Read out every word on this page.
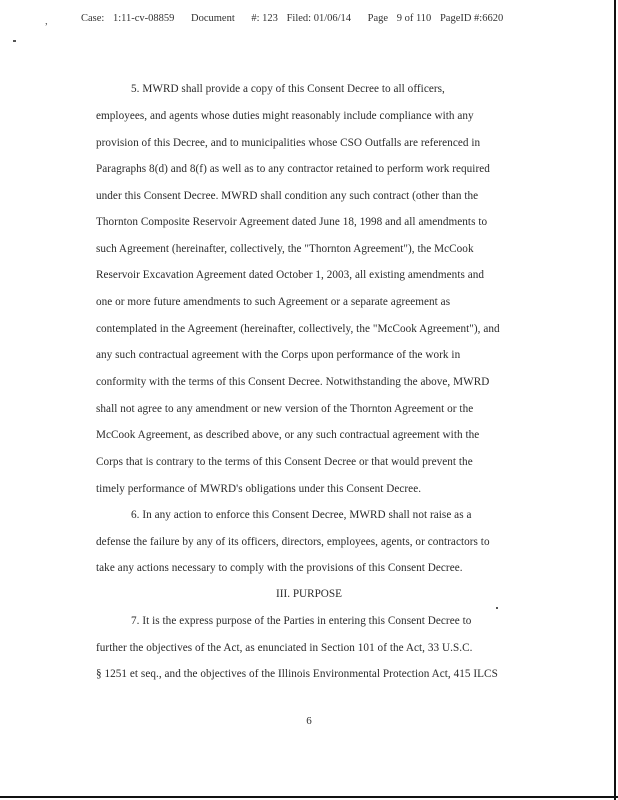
,	Case: 1:11-cv-08859 Document #: 123 Filed: 01/06/14 Page 9 of 110 PageID #:6620
5. MWRD shall provide a copy of this Consent Decree to all officers,
employees, and agents whose duties might reasonably include compliance with any
provision of this Decree, and to municipalities whose CSO Outfalls are referenced in
Paragraphs 8(d) and 8(f) as well as to any contractor retained to perform work required
under this Consent Decree. MWRD shall condition any such contract (other than the
Thornton Composite Reservoir Agreement dated June 18, 1998 and all amendments to
such Agreement (hereinafter, collectively, the "Thornton Agreement"), the McCook
Reservoir Excavation Agreement dated October 1, 2003, all existing amendments and
one or more future amendments to such Agreement or a separate agreement as
contemplated in the Agreement (hereinafter, collectively, the "McCook Agreement"), and
any such contractual agreement with the Corps upon performance of the work in
conformity with the terms of this Consent Decree. Notwithstanding the above, MWRD
shall not agree to any amendment or new version of the Thornton Agreement or the
McCook Agreement, as described above, or any such contractual agreement with the
Corps that is contrary to the terms of this Consent Decree or that would prevent the
timely performance of MWRD's obligations under this Consent Decree.
6. In any action to enforce this Consent Decree, MWRD shall not raise as a
defense the failure by any of its officers, directors, employees, agents, or contractors to
take any actions necessary to comply with the provisions of this Consent Decree.
III. PURPOSE
7. It is the express purpose of the Parties in entering this Consent Decree to
further the objectives of the Act, as enunciated in Section 101 of the Act, 33 U.S.C.
§ 1251 et seq., and the objectives of the Illinois Environmental Protection Act, 415 ILCS
6
